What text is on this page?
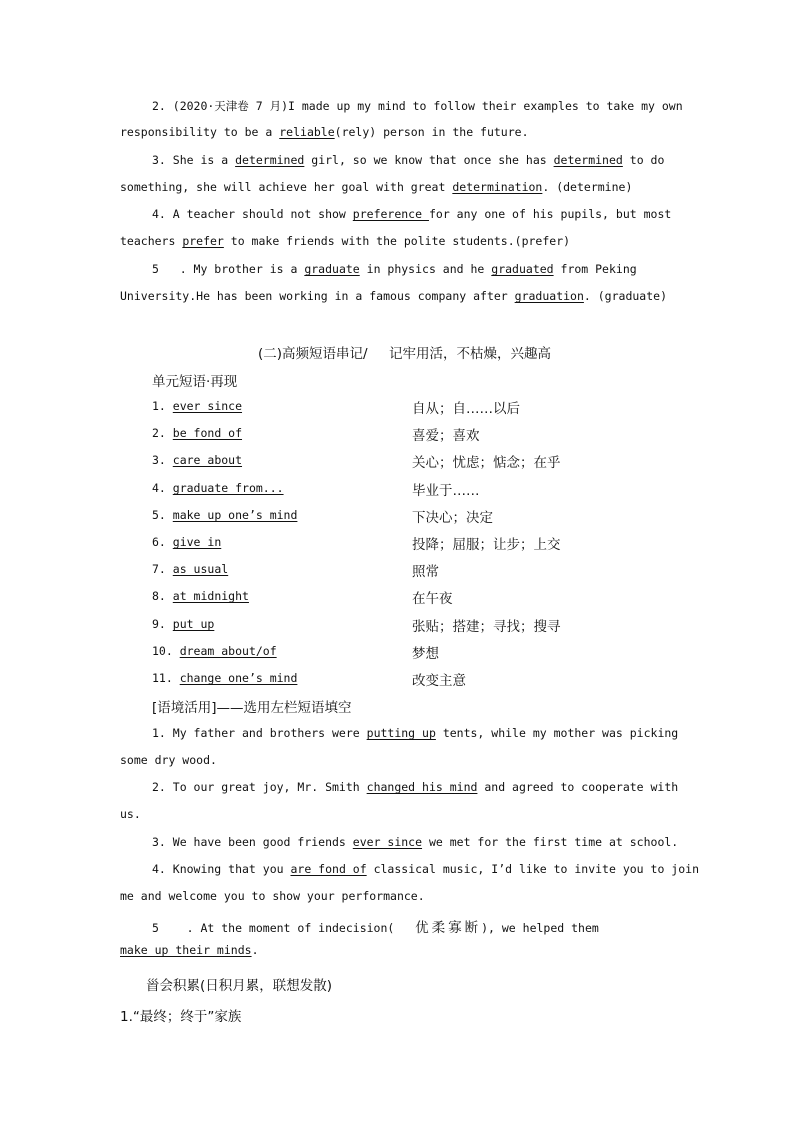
2. (2020·天津卷 7 月)I made up my mind to follow their examples to take my own
responsibility to be a reliable(rely) person in the future.
3. She is a determined girl, so we know that once she has determined to do
something, she will achieve her goal with great determination. (determine)
4. A teacher should not show preference for any one of his pupils, but most
teachers prefer to make friends with the polite students.(prefer)
5   . My brother is a graduate in physics and he graduated from Peking
University.He has been working in a famous company after graduation. (graduate)
(二)高频短语串记/     记牢用活，不枯燥，兴趣高
单元短语·再现
1. ever since	自从；自……以后
2. be fond of	喜爱；喜欢
3. care about	关心；忧虑；惦念；在乎
4. graduate from...	毕业于……
5. make up one’s mind	下决心；决定
6. give in	投降；屈服；让步；上交
7. as usual	照常
8. at midnight	在午夜
9. put up	张贴；搭建；寻找；搜寻
10. dream about/of	梦想
11. change one’s mind	改变主意
[语境活用]——选用左栏短语填空
1. My father and brothers were putting up tents, while my mother was picking
some dry wood.
2. To our great joy, Mr. Smith changed his mind and agreed to cooperate with
us.
3. We have been good friends ever since we met for the first time at school.
4. Knowing that you are fond of classical music, I’d like to invite you to join
me and welcome you to show your performance.
5    . At the moment of indecision(   优柔寡断), we helped them
make up their minds.
⻡会积累(日积月累，联想发散)
1.“最终；终于”家族
